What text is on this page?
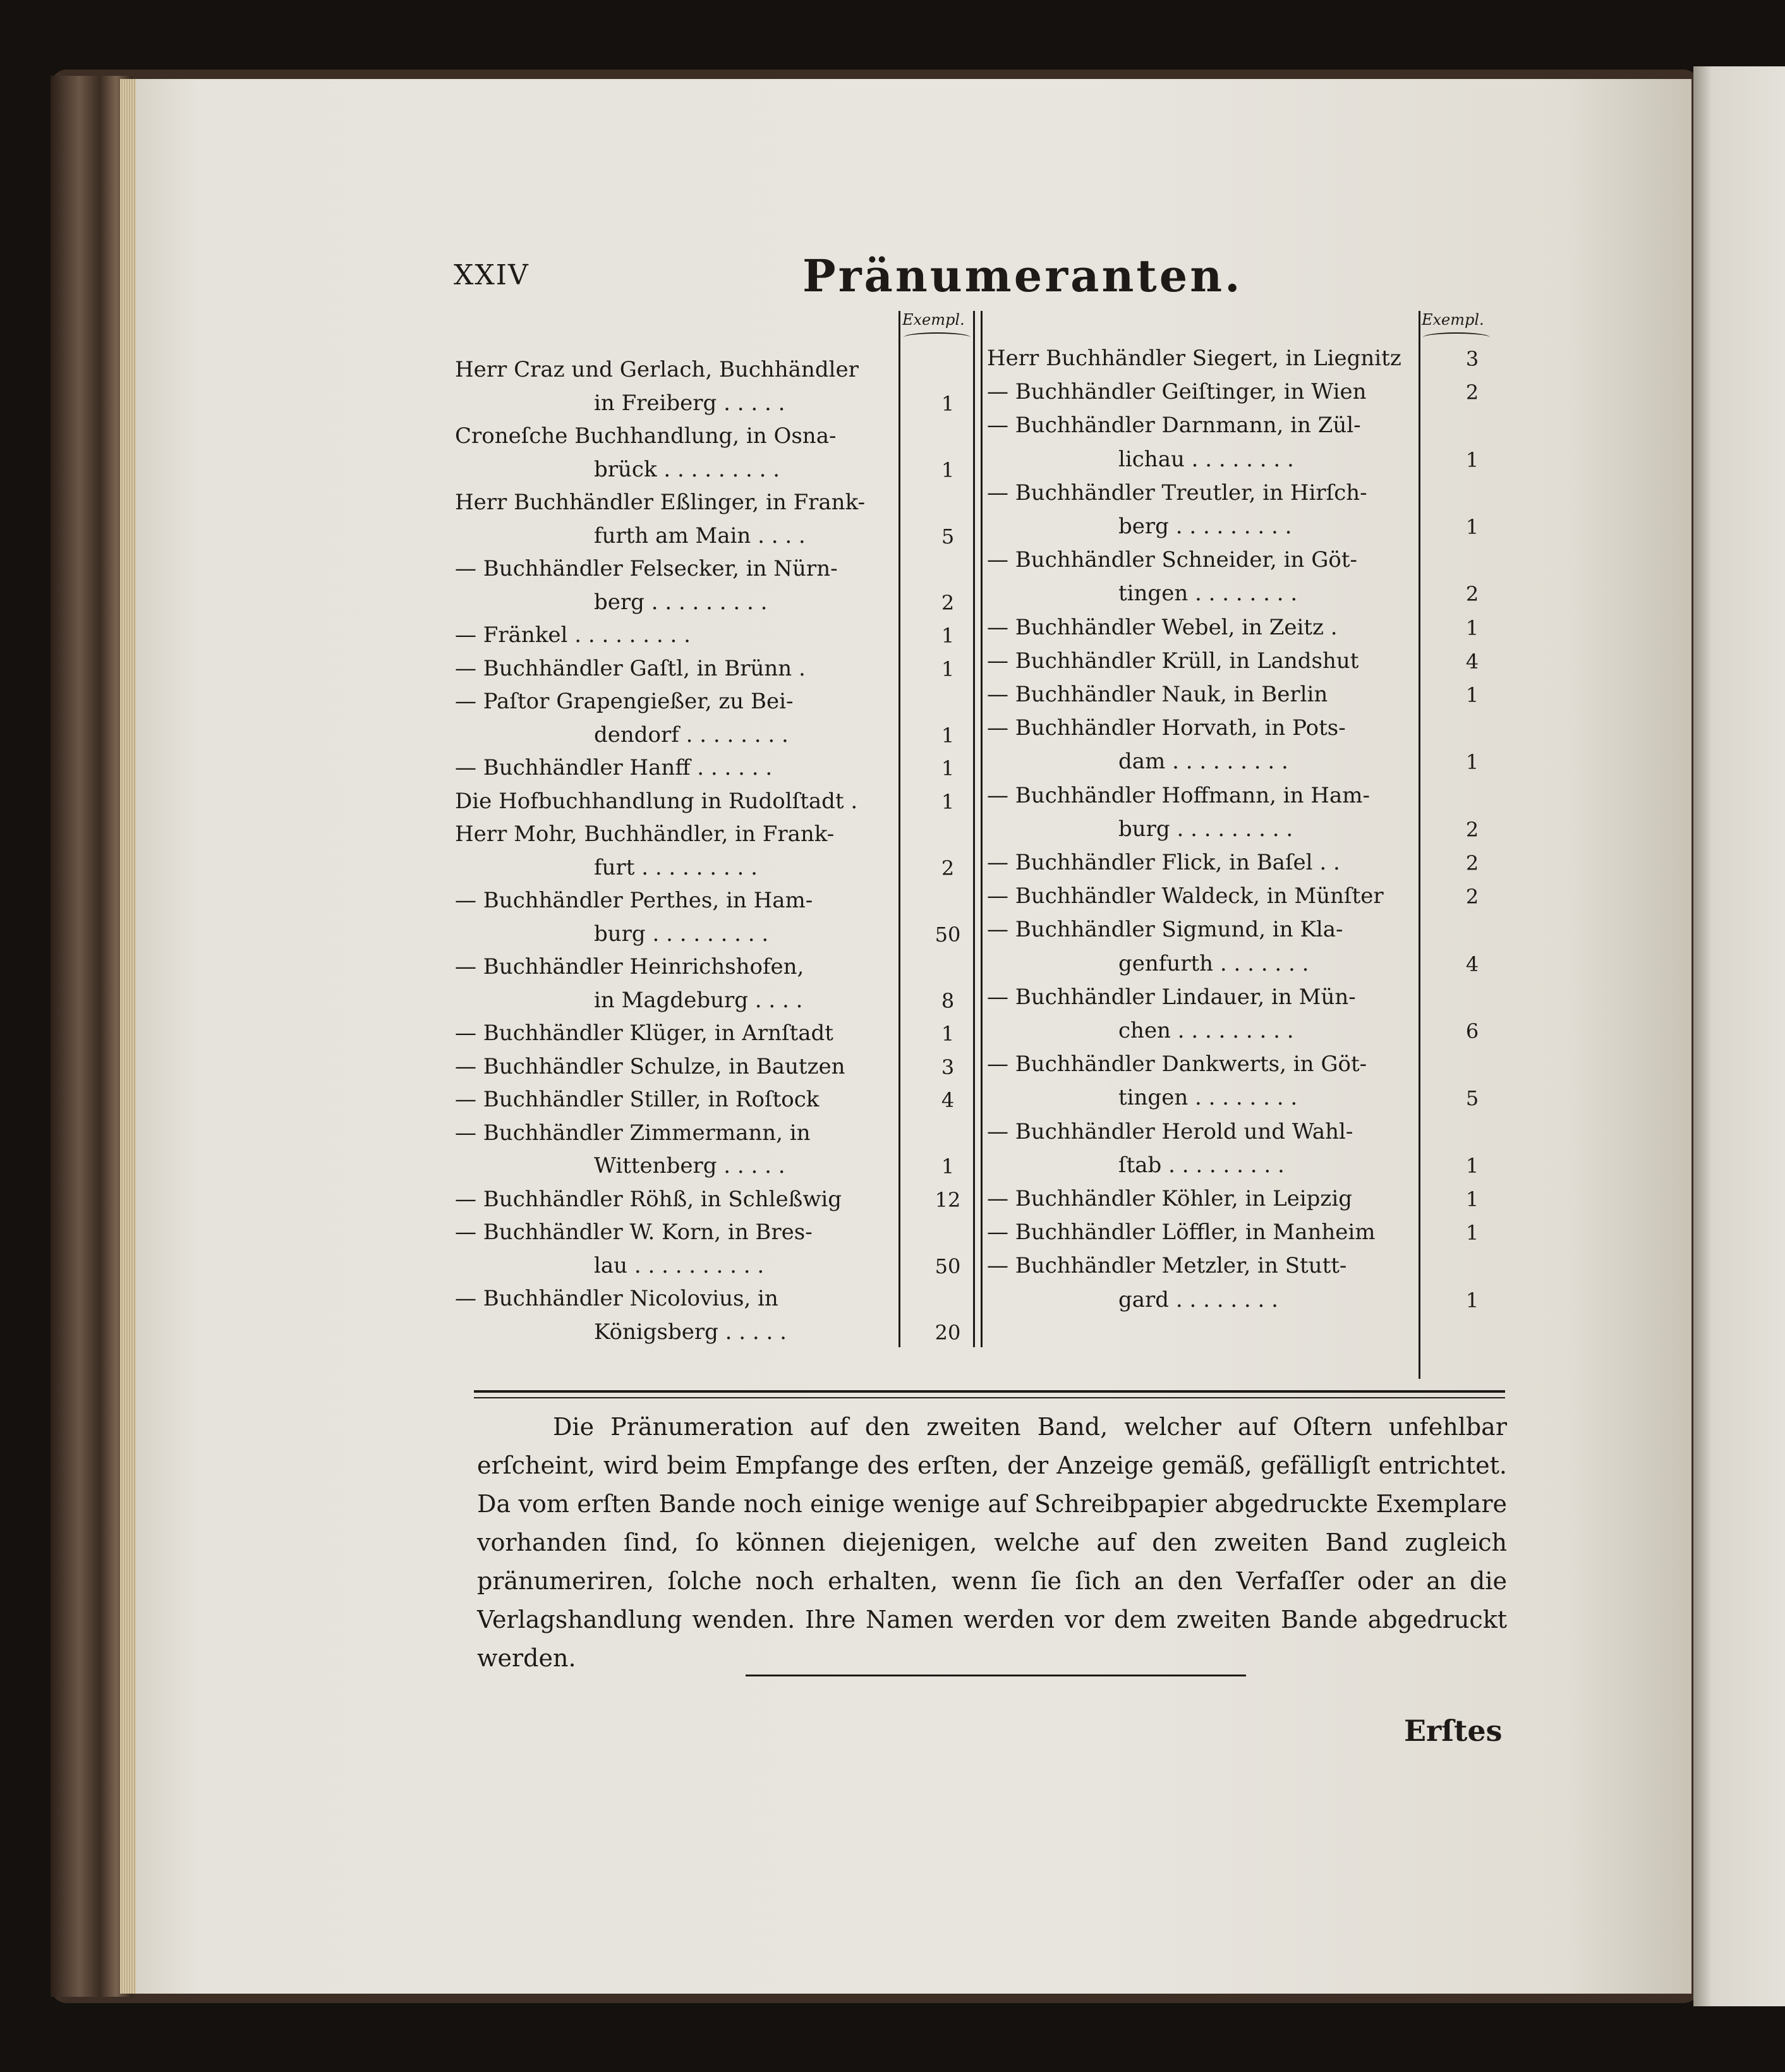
XXIV	Pränumeranten.
Exempl.	Exempl.
Herr Craz und Gerlach, Buchhändler
in Freiberg . . . . .	1
Croneſche Buchhandlung, in Osna-
brück . . . . . . . . .	1
Herr Buchhändler Eßlinger, in Frank-
furth am Main . . . .	5
— Buchhändler Felsecker, in Nürn-
berg . . . . . . . . .	2
— Fränkel . . . . . . . . .	1
— Buchhändler Gaſtl, in Brünn .	1
— Paſtor Grapengießer, zu Bei-
dendorf . . . . . . . .	1
— Buchhändler Hanff . . . . . .	1
Die Hofbuchhandlung in Rudolſtadt .	1
Herr Mohr, Buchhändler, in Frank-
furt . . . . . . . . .	2
— Buchhändler Perthes, in Ham-
burg . . . . . . . . .	50
— Buchhändler Heinrichshofen,
in Magdeburg . . . .	8
— Buchhändler Klüger, in Arnſtadt	1
— Buchhändler Schulze, in Bautzen	3
— Buchhändler Stiller, in Roſtock	4
— Buchhändler Zimmermann, in
Wittenberg . . . . .	1
— Buchhändler Röhß, in Schleßwig	12
— Buchhändler W. Korn, in Bres-
lau . . . . . . . . . .	50
— Buchhändler Nicolovius, in
Königsberg . . . . .	20
Herr Buchhändler Siegert, in Liegnitz	3
— Buchhändler Geiſtinger, in Wien	2
— Buchhändler Darnmann, in Zül-
lichau . . . . . . . .	1
— Buchhändler Treutler, in Hirſch-
berg . . . . . . . . .	1
— Buchhändler Schneider, in Göt-
tingen . . . . . . . .	2
— Buchhändler Webel, in Zeitz .	1
— Buchhändler Krüll, in Landshut	4
— Buchhändler Nauk, in Berlin	1
— Buchhändler Horvath, in Pots-
dam . . . . . . . . .	1
— Buchhändler Hoffmann, in Ham-
burg . . . . . . . . .	2
— Buchhändler Flick, in Baſel . .	2
— Buchhändler Waldeck, in Münſter	2
— Buchhändler Sigmund, in Kla-
genfurth . . . . . . .	4
— Buchhändler Lindauer, in Mün-
chen . . . . . . . . .	6
— Buchhändler Dankwerts, in Göt-
tingen . . . . . . . .	5
— Buchhändler Herold und Wahl-
ſtab . . . . . . . . .	1
— Buchhändler Köhler, in Leipzig	1
— Buchhändler Löffler, in Manheim	1
— Buchhändler Metzler, in Stutt-
gard . . . . . . . .	1
Die Pränumeration auf den zweiten Band, welcher auf Oſtern unfehlbar erſcheint, wird beim Empfange des erſten, der Anzeige gemäß, gefälligſt entrichtet. Da vom erſten Bande noch einige wenige auf Schreibpapier abgedruckte Exemplare vorhanden ſind, ſo können diejenigen, welche auf den zweiten Band zugleich pränumeriren, ſolche noch erhalten, wenn ſie ſich an den Verfaſſer oder an die Verlagshandlung wenden. Ihre Namen werden vor dem zweiten Bande abgedruckt werden.
Erſtes
